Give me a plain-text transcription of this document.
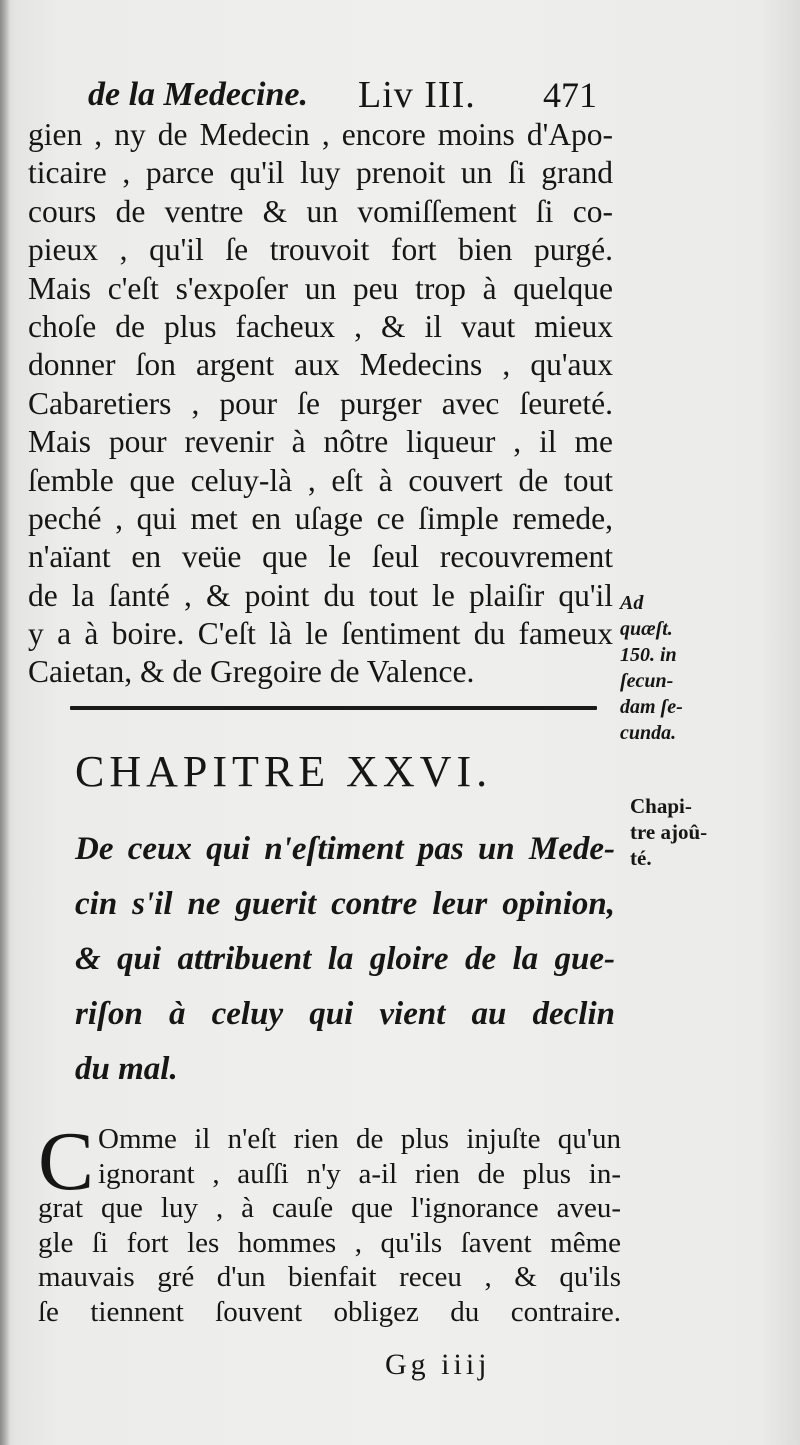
de la Medecine. Liv III. 471
gien , ny de Medecin , encore moins d'Apo-
ticaire , parce qu'il luy prenoit un ſi grand
cours de ventre & un vomiſſement ſi co-
pieux , qu'il ſe trouvoit fort bien purgé.
Mais c'eſt s'expoſer un peu trop à quelque
choſe de plus facheux , & il vaut mieux
donner ſon argent aux Medecins , qu'aux
Cabaretiers , pour ſe purger avec ſeureté.
Mais pour revenir à nôtre liqueur , il me
ſemble que celuy-là , eſt à couvert de tout
peché , qui met en uſage ce ſimple remede,
n'aïant en veüe que le ſeul recouvrement
de la ſanté , & point du tout le plaiſir qu'il
y a à boire. C'eſt là le ſentiment du fameux
Caietan, & de Gregoire de Valence.
Ad
quæſt.
150. in
ſecun-
dam ſe-
cunda.
CHAPITRE XXVI.
Chapi-
tre ajoû-
té.
De ceux qui n'eſtiment pas un Mede-
cin s'il ne guerit contre leur opinion,
& qui attribuent la gloire de la gue-
riſon à celuy qui vient au declin
du mal.
C Omme il n'eſt rien de plus injuſte qu'un
ignorant , auſſi n'y a-il rien de plus in-
grat que luy , à cauſe que l'ignorance aveu-
gle ſi fort les hommes , qu'ils ſavent même
mauvais gré d'un bienfait receu , & qu'ils
ſe tiennent ſouvent obligez du contraire.
Gg iiij
